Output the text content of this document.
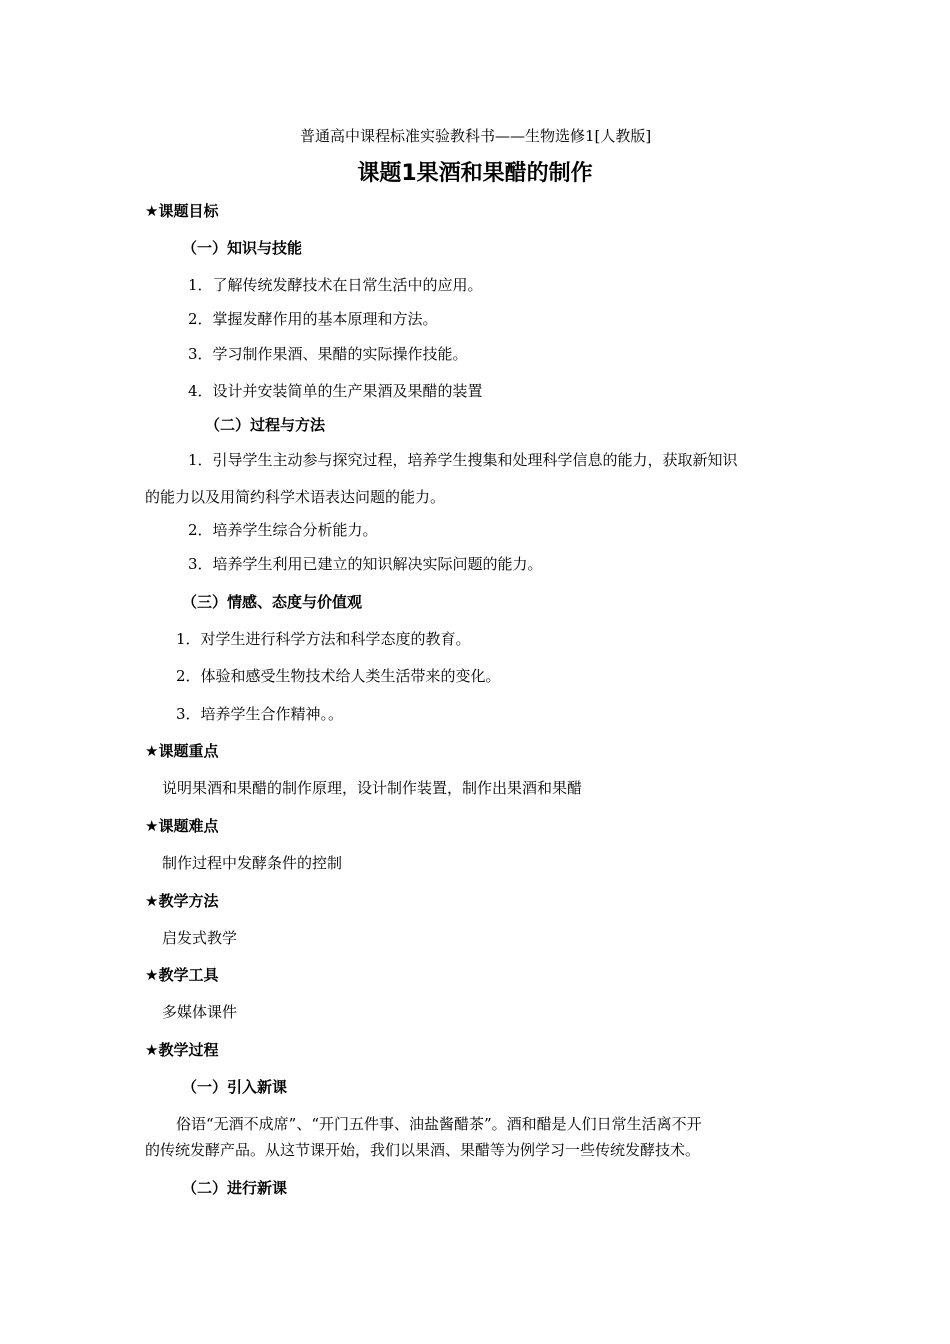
普通高中课程标准实验教科书——生物选修1[人教版]
课题1果酒和果醋的制作
★课题目标
（一）知识与技能
1．了解传统发酵技术在日常生活中的应用。
2．掌握发酵作用的基本原理和方法。
3．学习制作果酒、果醋的实际操作技能。
4．设计并安装简单的生产果酒及果醋的装置
（二）过程与方法
1．引导学生主动参与探究过程，培养学生搜集和处理科学信息的能力，获取新知识
的能力以及用简约科学术语表达问题的能力。
2．培养学生综合分析能力。
3．培养学生利用已建立的知识解决实际问题的能力。
（三）情感、态度与价值观
1．对学生进行科学方法和科学态度的教育。
2．体验和感受生物技术给人类生活带来的变化。
3．培养学生合作精神。。
★课题重点
说明果酒和果醋的制作原理，设计制作装置，制作出果酒和果醋
★课题难点
制作过程中发酵条件的控制
★教学方法
启发式教学
★教学工具
多媒体课件
★教学过程
（一）引入新课
俗语“无酒不成席”、“开门五件事、油盐酱醋茶”。酒和醋是人们日常生活离不开
的传统发酵产品。从这节课开始，我们以果酒、果醋等为例学习一些传统发酵技术。
（二）进行新课
